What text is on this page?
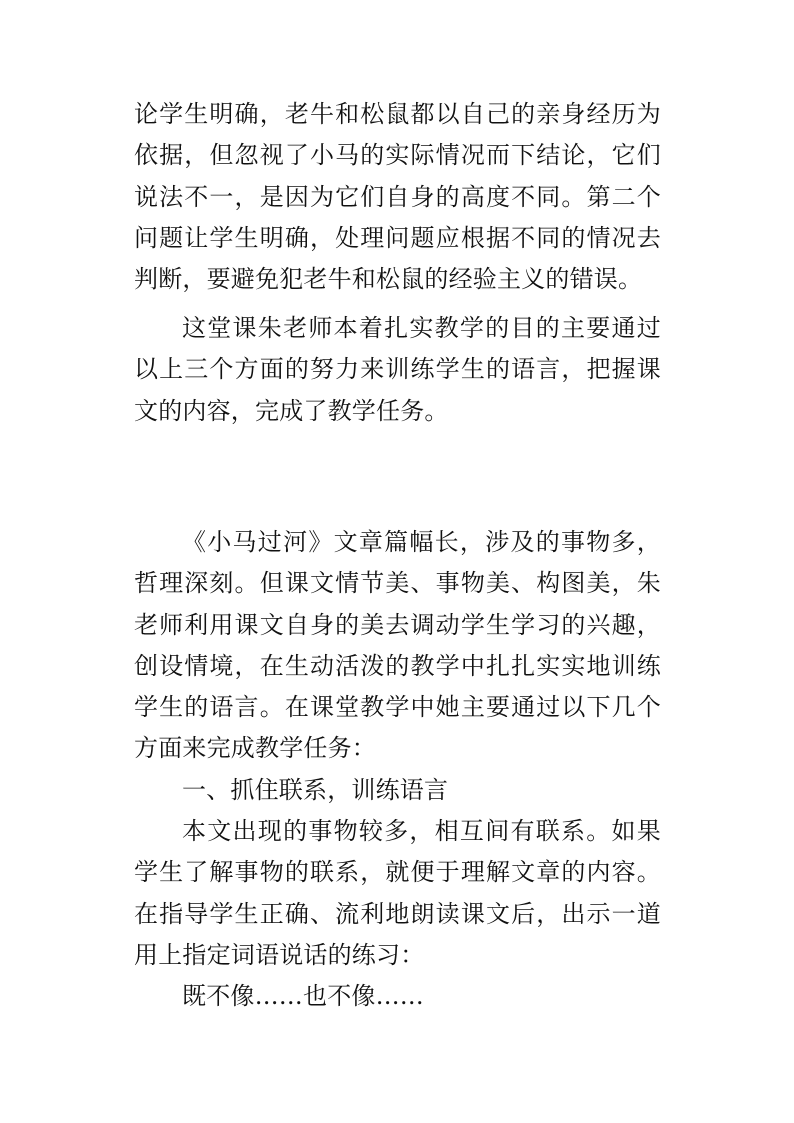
论学生明确，老牛和松鼠都以自己的亲身经历为依据，但忽视了小马的实际情况而下结论，它们说法不一，是因为它们自身的高度不同。第二个问题让学生明确，处理问题应根据不同的情况去判断，要避免犯老牛和松鼠的经验主义的错误。

这堂课朱老师本着扎实教学的目的主要通过以上三个方面的努力来训练学生的语言，把握课文的内容，完成了教学任务。

《小马过河》文章篇幅长，涉及的事物多，哲理深刻。但课文情节美、事物美、构图美，朱老师利用课文自身的美去调动学生学习的兴趣，创设情境，在生动活泼的教学中扎扎实实地训练学生的语言。在课堂教学中她主要通过以下几个方面来完成教学任务：

一、抓住联系，训练语言

本文出现的事物较多，相互间有联系。如果学生了解事物的联系，就便于理解文章的内容。在指导学生正确、流利地朗读课文后，出示一道用上指定词语说话的练习：

既不像……也不像……
